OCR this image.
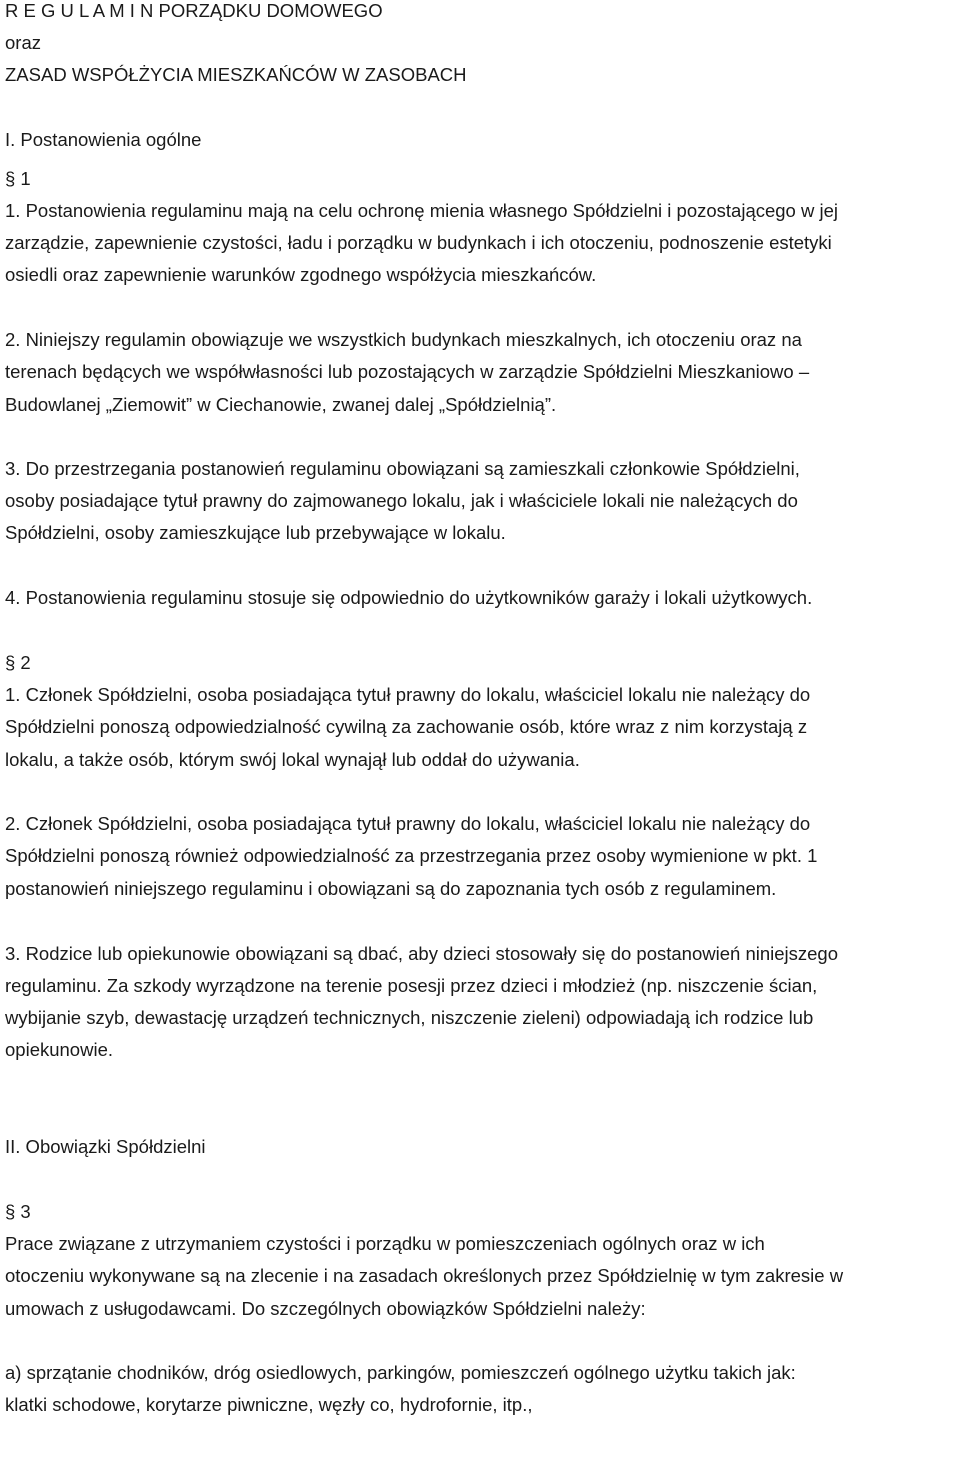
R E G U L A M I N PORZĄDKU DOMOWEGO

oraz

ZASAD WSPÓŁŻYCIA MIESZKAŃCÓW W ZASOBACH

I. Postanowienia ogólne

§ 1

1. Postanowienia regulaminu mają na celu ochronę mienia własnego Spółdzielni i pozostającego w jej

zarządzie, zapewnienie czystości, ładu i porządku w budynkach i ich otoczeniu, podnoszenie estetyki

osiedli oraz zapewnienie warunków zgodnego współżycia mieszkańców.

2. Niniejszy regulamin obowiązuje we wszystkich budynkach mieszkalnych, ich otoczeniu oraz na

terenach będących we współwłasności lub pozostających w zarządzie Spółdzielni Mieszkaniowo –

Budowlanej „Ziemowit” w Ciechanowie, zwanej dalej „Spółdzielnią”.

3. Do przestrzegania postanowień regulaminu obowiązani są zamieszkali członkowie Spółdzielni,

osoby posiadające tytuł prawny do zajmowanego lokalu, jak i właściciele lokali nie należących do

Spółdzielni, osoby zamieszkujące lub przebywające w lokalu.

4. Postanowienia regulaminu stosuje się odpowiednio do użytkowników garaży i lokali użytkowych.

§ 2

1. Członek Spółdzielni, osoba posiadająca tytuł prawny do lokalu, właściciel lokalu nie należący do

Spółdzielni ponoszą odpowiedzialność cywilną za zachowanie osób, które wraz z nim korzystają z

lokalu, a także osób, którym swój lokal wynajął lub oddał do używania.

2. Członek Spółdzielni, osoba posiadająca tytuł prawny do lokalu, właściciel lokalu nie należący do

Spółdzielni ponoszą również odpowiedzialność za przestrzegania przez osoby wymienione w pkt. 1

postanowień niniejszego regulaminu i obowiązani są do zapoznania tych osób z regulaminem.

3. Rodzice lub opiekunowie obowiązani są dbać, aby dzieci stosowały się do postanowień niniejszego

regulaminu. Za szkody wyrządzone na terenie posesji przez dzieci i młodzież (np. niszczenie ścian,

wybijanie szyb, dewastację urządzeń technicznych, niszczenie zieleni) odpowiadają ich rodzice lub

opiekunowie.

II. Obowiązki Spółdzielni

§ 3

Prace związane z utrzymaniem czystości i porządku w pomieszczeniach ogólnych oraz w ich

otoczeniu wykonywane są na zlecenie i na zasadach określonych przez Spółdzielnię w tym zakresie w

umowach z usługodawcami. Do szczególnych obowiązków Spółdzielni należy:

a) sprzątanie chodników, dróg osiedlowych, parkingów, pomieszczeń ogólnego użytku takich jak:

klatki schodowe, korytarze piwniczne, węzły co, hydrofornie, itp.,
